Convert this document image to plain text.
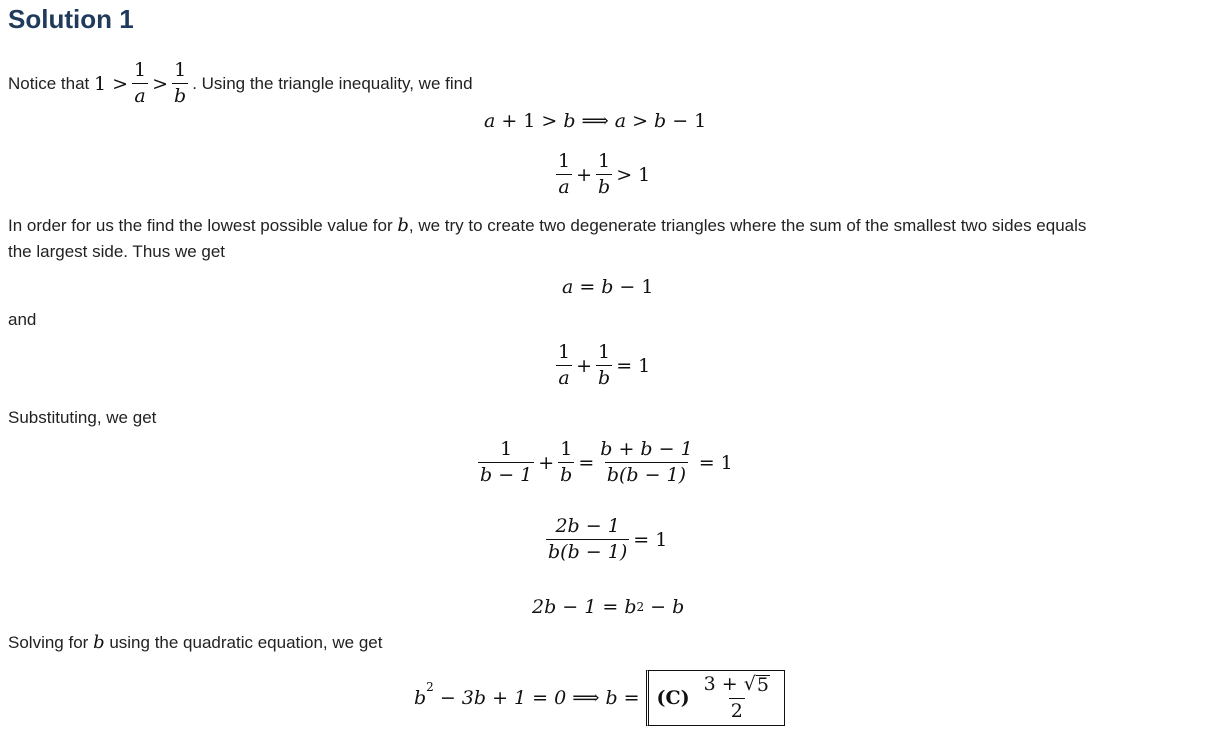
Solution 1
Notice that $1 > \frac{1}{a} > \frac{1}{b}$ . Using the triangle inequality, we find
a + 1 > b ⟹ a > b − 1
$\frac{1}{a} + \frac{1}{b} > 1$
In order for us the find the lowest possible value for b, we try to create two degenerate triangles where the sum of the smallest two sides equals
the largest side. Thus we get
a = b − 1
and
$\frac{1}{a} + \frac{1}{b} = 1$
Substituting, we get
$\frac{1}{b - 1} + \frac{1}{b} = \frac{b + b - 1}{b(b - 1)} = 1$
$\frac{2b - 1}{b(b - 1)} = 1$
2b − 1 = b 2 − b
Solving for b using the quadratic equation, we get
$b^2 - 3b + 1 = 0$ ⟹ $b = (C) \frac{3 + √ 5}{2}$
